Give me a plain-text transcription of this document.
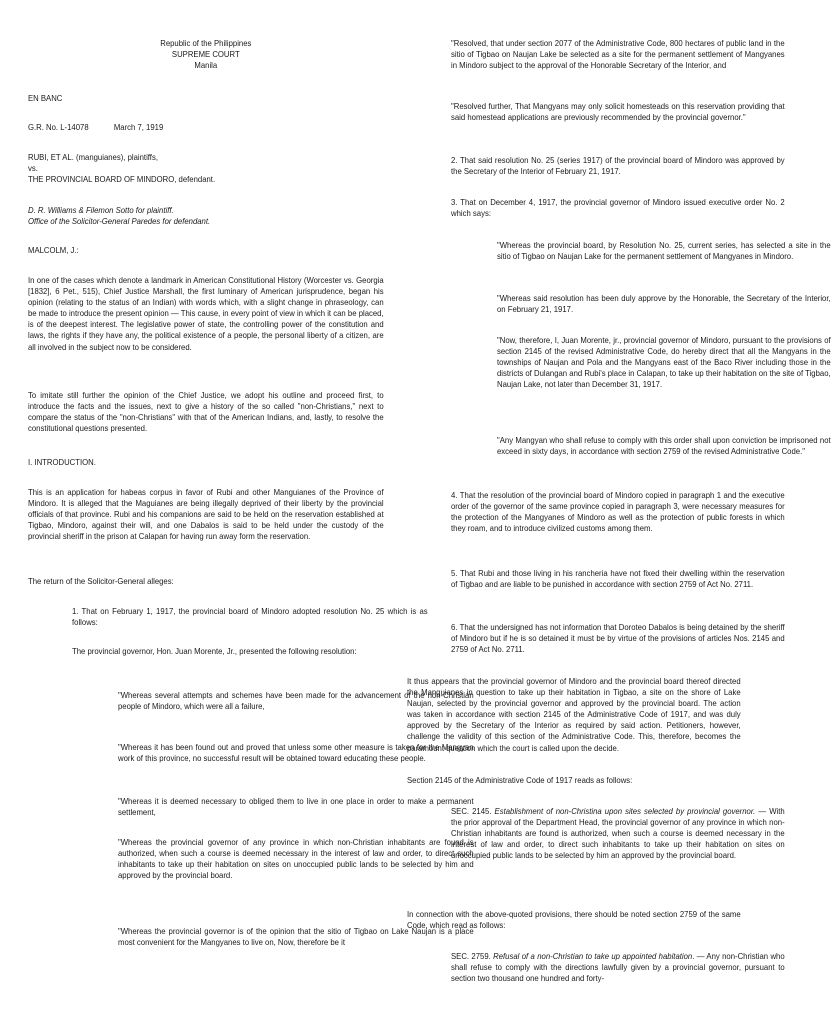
Republic of the Philippines

SUPREME COURT

Manila

EN BANC

G.R. No. L-14078	March 7, 1919

RUBI, ET AL. (manguianes), plaintiffs,

vs.

THE PROVINCIAL BOARD OF MINDORO, defendant.

D. R. Williams & Filemon Sotto for plaintiff.

Office of the Solicitor-General Paredes for defendant.

MALCOLM, J.:

In one of the cases which denote a landmark in American Constitutional History (Worcester vs. Georgia [1832], 6 Pet., 515), Chief Justice Marshall, the first luminary of American jurisprudence, began his opinion (relating to the status of an Indian) with words which, with a slight change in phraseology, can be made to introduce the present opinion — This cause, in every point of view in which it can be placed, is of the deepest interest. The legislative power of state, the controlling power of the constitution and laws, the rights if they have any, the political existence of a people, the personal liberty of a citizen, are all involved in the subject now to be considered.

To imitate still further the opinion of the Chief Justice, we adopt his outline and proceed first, to introduce the facts and the issues, next to give a history of the so called "non-Christians," next to compare the status of the "non-Christians" with that of the American Indians, and, lastly, to resolve the constitutional questions presented.

I. INTRODUCTION.

This is an application for habeas corpus in favor of Rubi and other Manguianes of the Province of Mindoro. It is alleged that the Maguianes are being illegally deprived of their liberty by the provincial officials of that province. Rubi and his companions are said to be held on the reservation established at Tigbao, Mindoro, against their will, and one Dabalos is said to be held under the custody of the provincial sheriff in the prison at Calapan for having run away form the reservation.

The return of the Solicitor-General alleges:

1. That on February 1, 1917, the provincial board of Mindoro adopted resolution No. 25 which is as follows:

The provincial governor, Hon. Juan Morente, Jr., presented the following resolution:

"Whereas several attempts and schemes have been made for the advancement of the non-Christian people of Mindoro, which were all a failure,

"Whereas it has been found out and proved that unless some other measure is taken for the Mangyan work of this province, no successful result will be obtained toward educating these people.

"Whereas it is deemed necessary to obliged them to live in one place in order to make a permanent settlement,

"Whereas the provincial governor of any province in which non-Christian inhabitants are found is authorized, when such a course is deemed necessary in the interest of law and order, to direct such inhabitants to take up their habitation on sites on unoccupied public lands to be selected by him and approved by the provincial board.

"Whereas the provincial governor is of the opinion that the sitio of Tigbao on Lake Naujan is a place most convenient for the Mangyanes to live on, Now, therefore be it

"Resolved, that under section 2077 of the Administrative Code, 800 hectares of public land in the sitio of Tigbao on Naujan Lake be selected as a site for the permanent settlement of Mangyanes in Mindoro subject to the approval of the Honorable Secretary of the Interior, and

"Resolved further, That Mangyans may only solicit homesteads on this reservation providing that said homestead applications are previously recommended by the provincial governor."

2. That said resolution No. 25 (series 1917) of the provincial board of Mindoro was approved by the Secretary of the Interior of February 21, 1917.

3. That on December 4, 1917, the provincial governor of Mindoro issued executive order No. 2 which says:

"Whereas the provincial board, by Resolution No. 25, current series, has selected a site in the sitio of Tigbao on Naujan Lake for the permanent settlement of Mangyanes in Mindoro.

"Whereas said resolution has been duly approve by the Honorable, the Secretary of the Interior, on February 21, 1917.

"Now, therefore, I, Juan Morente, jr., provincial governor of Mindoro, pursuant to the provisions of section 2145 of the revised Administrative Code, do hereby direct that all the Mangyans in the townships of Naujan and Pola and the Mangyans east of the Baco River including those in the districts of Dulangan and Rubi's place in Calapan, to take up their habitation on the site of Tigbao, Naujan Lake, not later than December 31, 1917.

"Any Mangyan who shall refuse to comply with this order shall upon conviction be imprisoned not exceed in sixty days, in accordance with section 2759 of the revised Administrative Code."

4. That the resolution of the provincial board of Mindoro copied in paragraph 1 and the executive order of the governor of the same province copied in paragraph 3, were necessary measures for the protection of the Mangyanes of Mindoro as well as the protection of public forests in which they roam, and to introduce civilized customs among them.

5. That Rubi and those living in his rancheria have not fixed their dwelling within the reservation of Tigbao and are liable to be punished in accordance with section 2759 of Act No. 2711.

6. That the undersigned has not information that Doroteo Dabalos is being detained by the sheriff of Mindoro but if he is so detained it must be by virtue of the provisions of articles Nos. 2145 and 2759 of Act No. 2711.

It thus appears that the provincial governor of Mindoro and the provincial board thereof directed the Manguianes in question to take up their habitation in Tigbao, a site on the shore of Lake Naujan, selected by the provincial governor and approved by the provincial board. The action was taken in accordance with section 2145 of the Administrative Code of 1917, and was duly approved by the Secretary of the Interior as required by said action. Petitioners, however, challenge the validity of this section of the Administrative Code. This, therefore, becomes the paramount question which the court is called upon the decide.

Section 2145 of the Administrative Code of 1917 reads as follows:

SEC. 2145. Establishment of non-Christina upon sites selected by provincial governor. — With the prior approval of the Department Head, the provincial governor of any province in which non-Christian inhabitants are found is authorized, when such a course is deemed necessary in the interest of law and order, to direct such inhabitants to take up their habitation on sites on unoccupied public lands to be selected by him an approved by the provincial board.

In connection with the above-quoted provisions, there should be noted section 2759 of the same Code, which read as follows:

SEC. 2759. Refusal of a non-Christian to take up appointed habitation. — Any non-Christian who shall refuse to comply with the directions lawfully given by a provincial governor, pursuant to section two thousand one hundred and forty-
